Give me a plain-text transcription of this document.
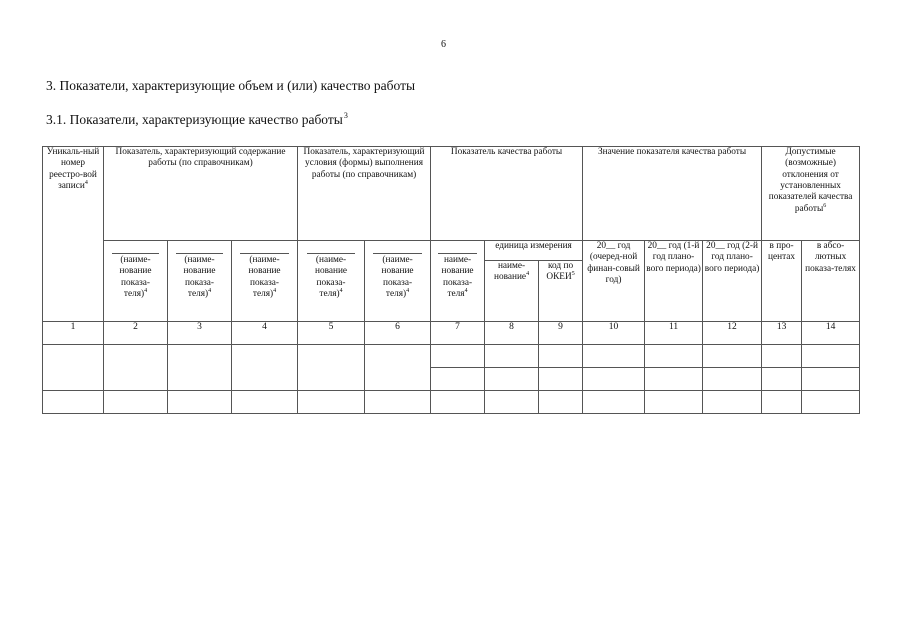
6
3. Показатели, характеризующие объем и (или) качество работы
3.1. Показатели, характеризующие качество работы$^3$
Уникаль-ный номер реестро-вой записи$^4$	Показатель, характеризующий содержание работы (по справочникам)			Показатель, характеризующий условия (формы) выполнения работы (по справочникам)		Показатель качества работы			Значение показателя качества работы			Допустимые (возможные) отклонения от установленных показателей качества работы$^6$

	(наиме-нование показа-теля)$^4$	(наиме-нование показа-теля)$^4$	(наиме-нование показа-теля)$^4$	(наиме-нование показа-теля)$^4$	(наиме-нование показа-теля)$^4$	наиме-нование показа-теля$^4$	единица измерения		20__ год (очеред-ной финан-совый год)	20__ год (1-й год плано-вого периода)	20__ год (2-й год плано-вого периода)	в про-центах	в абсо-лютных показа-телях
							наиме-нование$^4$	код по ОКЕИ$^5$
1	2	3	4	5	6	7	8	9	10	11	12	13	14
